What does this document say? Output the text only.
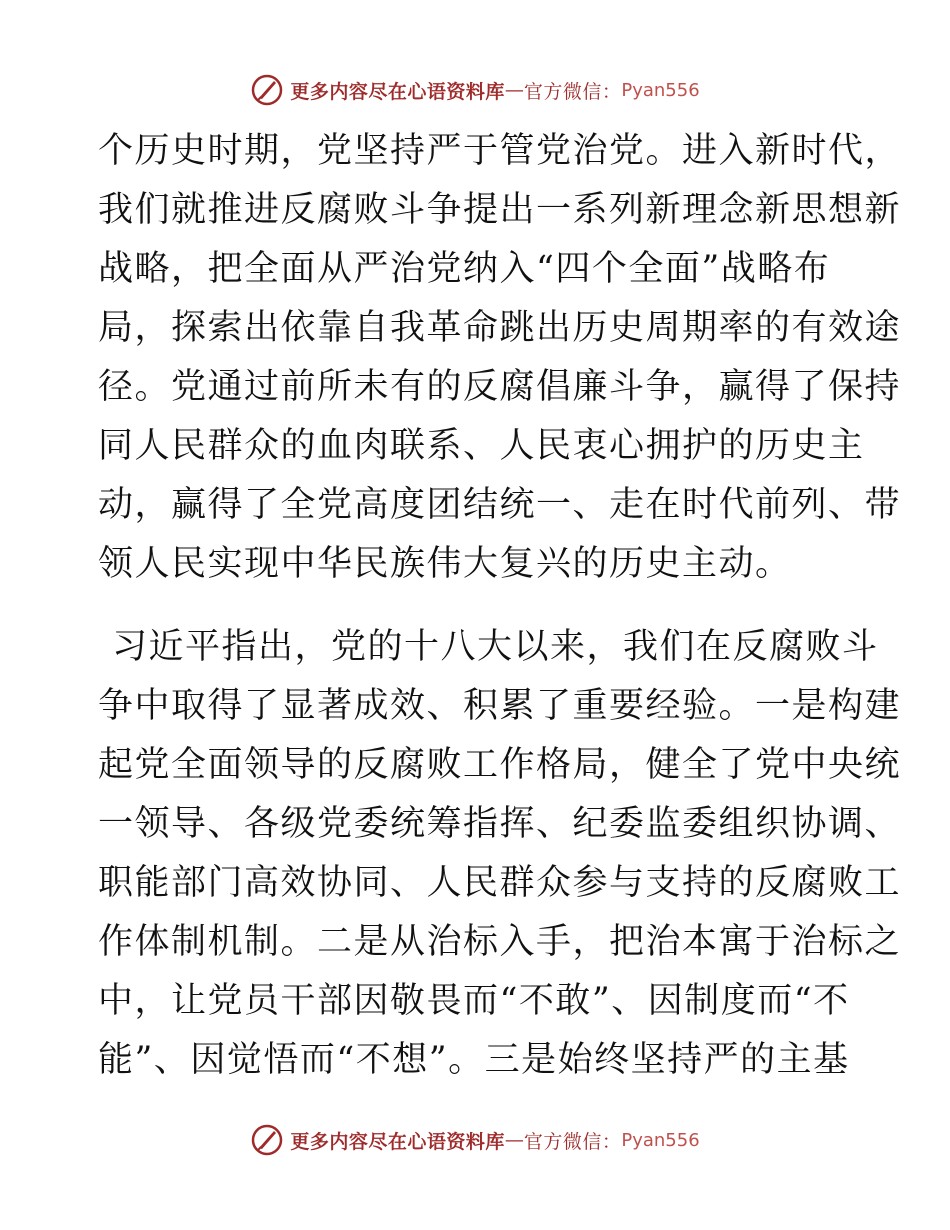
更多内容尽在心语资料库 — 官方微信： Pyan556
个历史时期，党坚持严于管党治党。进入新时代，
我们就推进反腐败斗争提出一系列新理念新思想新
战略，把全面从严治党纳入“四个全面”战略布
局，探索出依靠自我革命跳出历史周期率的有效途
径。党通过前所未有的反腐倡廉斗争，赢得了保持
同人民群众的血肉联系、人民衷心拥护的历史主
动，赢得了全党高度团结统一、走在时代前列、带
领人民实现中华民族伟大复兴的历史主动。
习近平指出，党的十八大以来，我们在反腐败斗
争中取得了显著成效、积累了重要经验。一是构建
起党全面领导的反腐败工作格局，健全了党中央统
一领导、各级党委统筹指挥、纪委监委组织协调、
职能部门高效协同、人民群众参与支持的反腐败工
作体制机制。二是从治标入手，把治本寓于治标之
中，让党员干部因敬畏而“不敢”、因制度而“不
能”、因觉悟而“不想”。三是始终坚持严的主基
更多内容尽在心语资料库 — 官方微信： Pyan556
